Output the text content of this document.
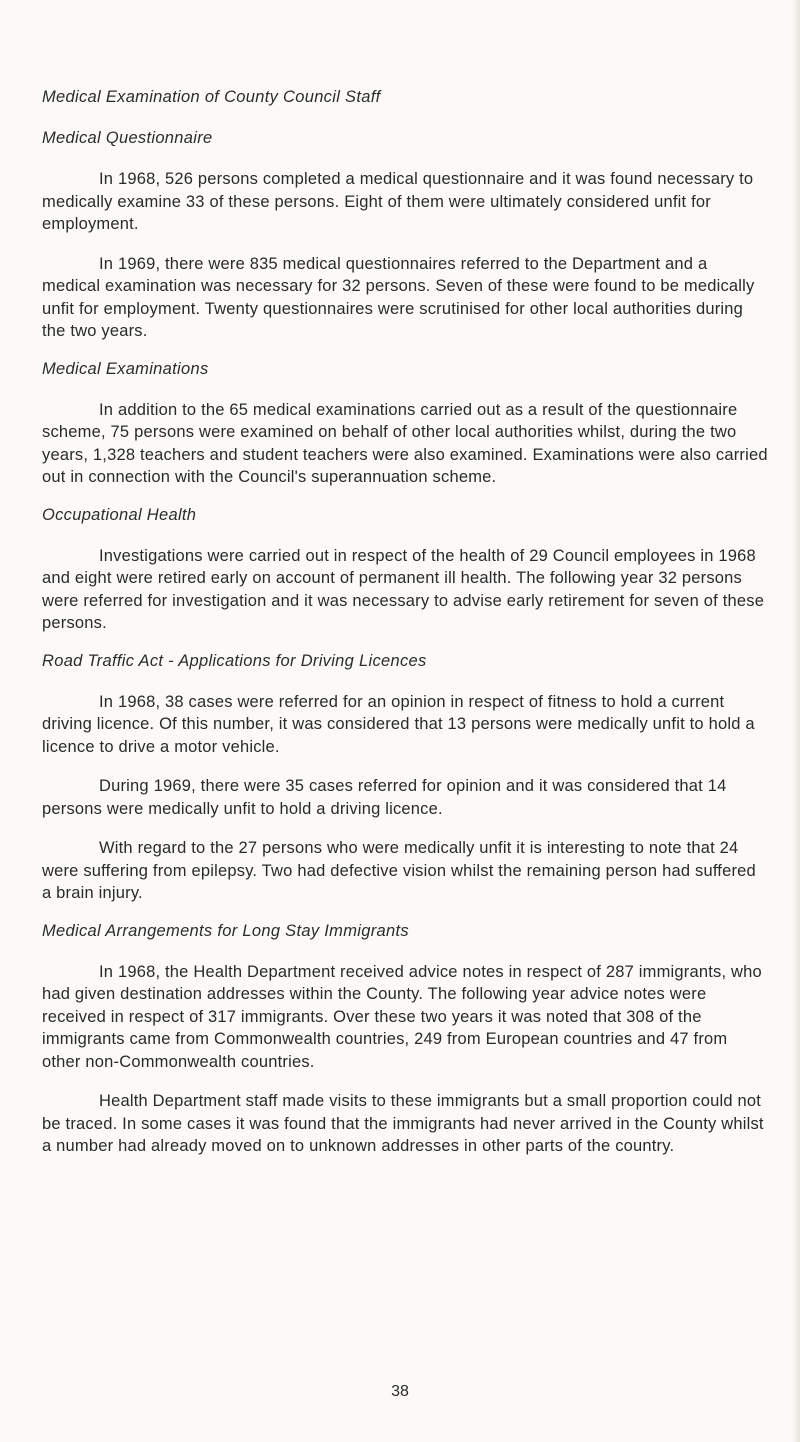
Medical Examination of County Council Staff
Medical Questionnaire

In 1968, 526 persons completed a medical questionnaire and it was found necessary to medically examine 33 of these persons. Eight of them were ultimately considered unfit for employment.

In 1969, there were 835 medical questionnaires referred to the Department and a medical examination was necessary for 32 persons. Seven of these were found to be medically unfit for employment. Twenty questionnaires were scrutinised for other local authorities during the two years.

Medical Examinations

In addition to the 65 medical examinations carried out as a result of the questionnaire scheme, 75 persons were examined on behalf of other local authorities whilst, during the two years, 1,328 teachers and student teachers were also examined. Examinations were also carried out in connection with the Council's superannuation scheme.

Occupational Health

Investigations were carried out in respect of the health of 29 Council employees in 1968 and eight were retired early on account of permanent ill health. The following year 32 persons were referred for investigation and it was necessary to advise early retirement for seven of these persons.

Road Traffic Act - Applications for Driving Licences

In 1968, 38 cases were referred for an opinion in respect of fitness to hold a current driving licence. Of this number, it was considered that 13 persons were medically unfit to hold a licence to drive a motor vehicle.

During 1969, there were 35 cases referred for opinion and it was considered that 14 persons were medically unfit to hold a driving licence.

With regard to the 27 persons who were medically unfit it is interesting to note that 24 were suffering from epilepsy. Two had defective vision whilst the remaining person had suffered a brain injury.

Medical Arrangements for Long Stay Immigrants

In 1968, the Health Department received advice notes in respect of 287 immigrants, who had given destination addresses within the County. The following year advice notes were received in respect of 317 immigrants. Over these two years it was noted that 308 of the immigrants came from Commonwealth countries, 249 from European countries and 47 from other non-Commonwealth countries.

Health Department staff made visits to these immigrants but a small proportion could not be traced. In some cases it was found that the immigrants had never arrived in the County whilst a number had already moved on to unknown addresses in other parts of the country.

38
